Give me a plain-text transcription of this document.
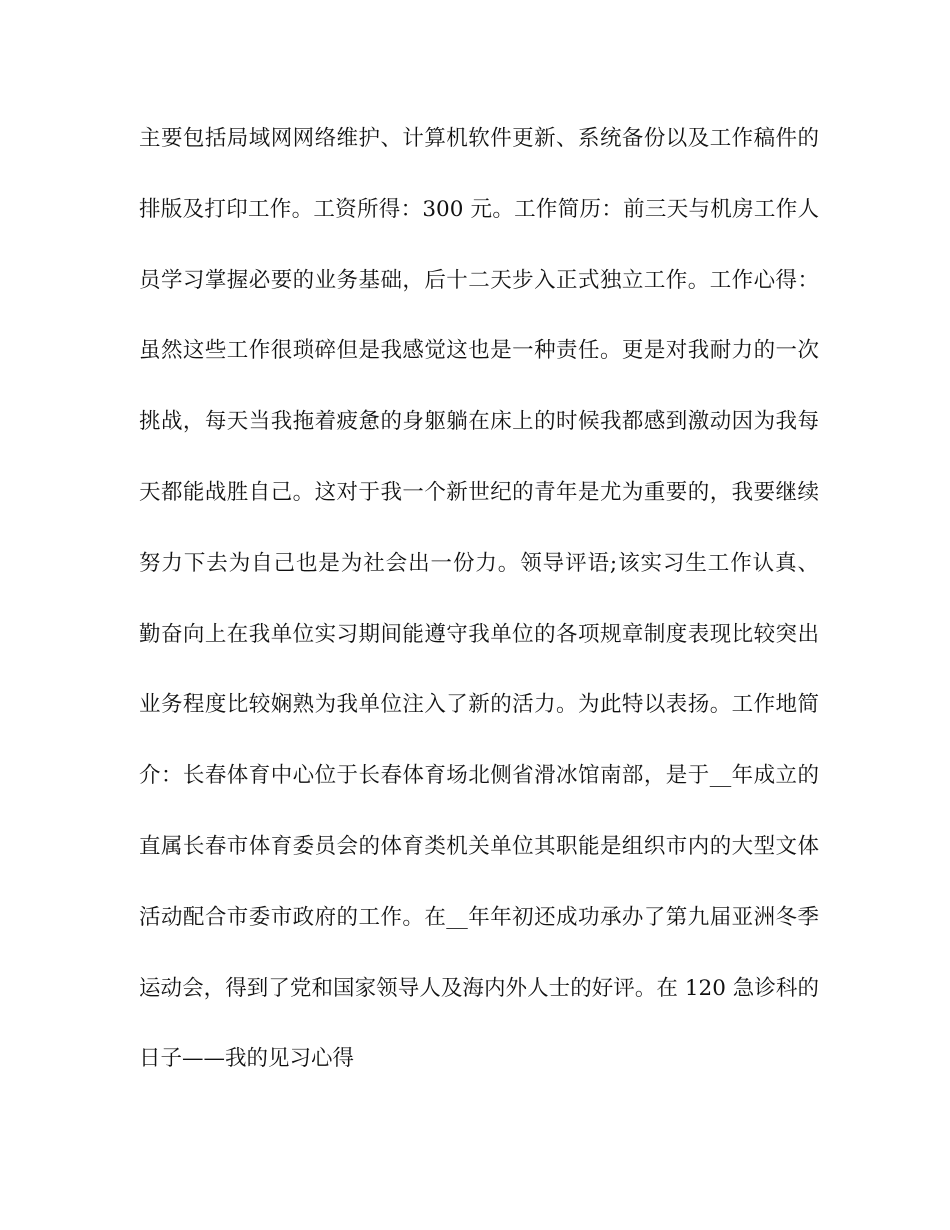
主要包括局域网网络维护、计算机软件更新、系统备份以及工作稿件的
排版及打印工作。工资所得：300 元。工作简历：前三天与机房工作人
员学习掌握必要的业务基础，后十二天步入正式独立工作。工作心得：
虽然这些工作很琐碎但是我感觉这也是一种责任。更是对我耐力的一次
挑战，每天当我拖着疲惫的身躯躺在床上的时候我都感到激动因为我每
天都能战胜自己。这对于我一个新世纪的青年是尤为重要的，我要继续
努力下去为自己也是为社会出一份力。领导评语;该实习生工作认真、
勤奋向上在我单位实习期间能遵守我单位的各项规章制度表现比较突出
业务程度比较娴熟为我单位注入了新的活力。为此特以表扬。工作地简
介：长春体育中心位于长春体育场北侧省滑冰馆南部，是于__年成立的
直属长春市体育委员会的体育类机关单位其职能是组织市内的大型文体
活动配合市委市政府的工作。在__年年初还成功承办了第九届亚洲冬季
运动会，得到了党和国家领导人及海内外人士的好评。在 120 急诊科的
日子——我的见习心得
